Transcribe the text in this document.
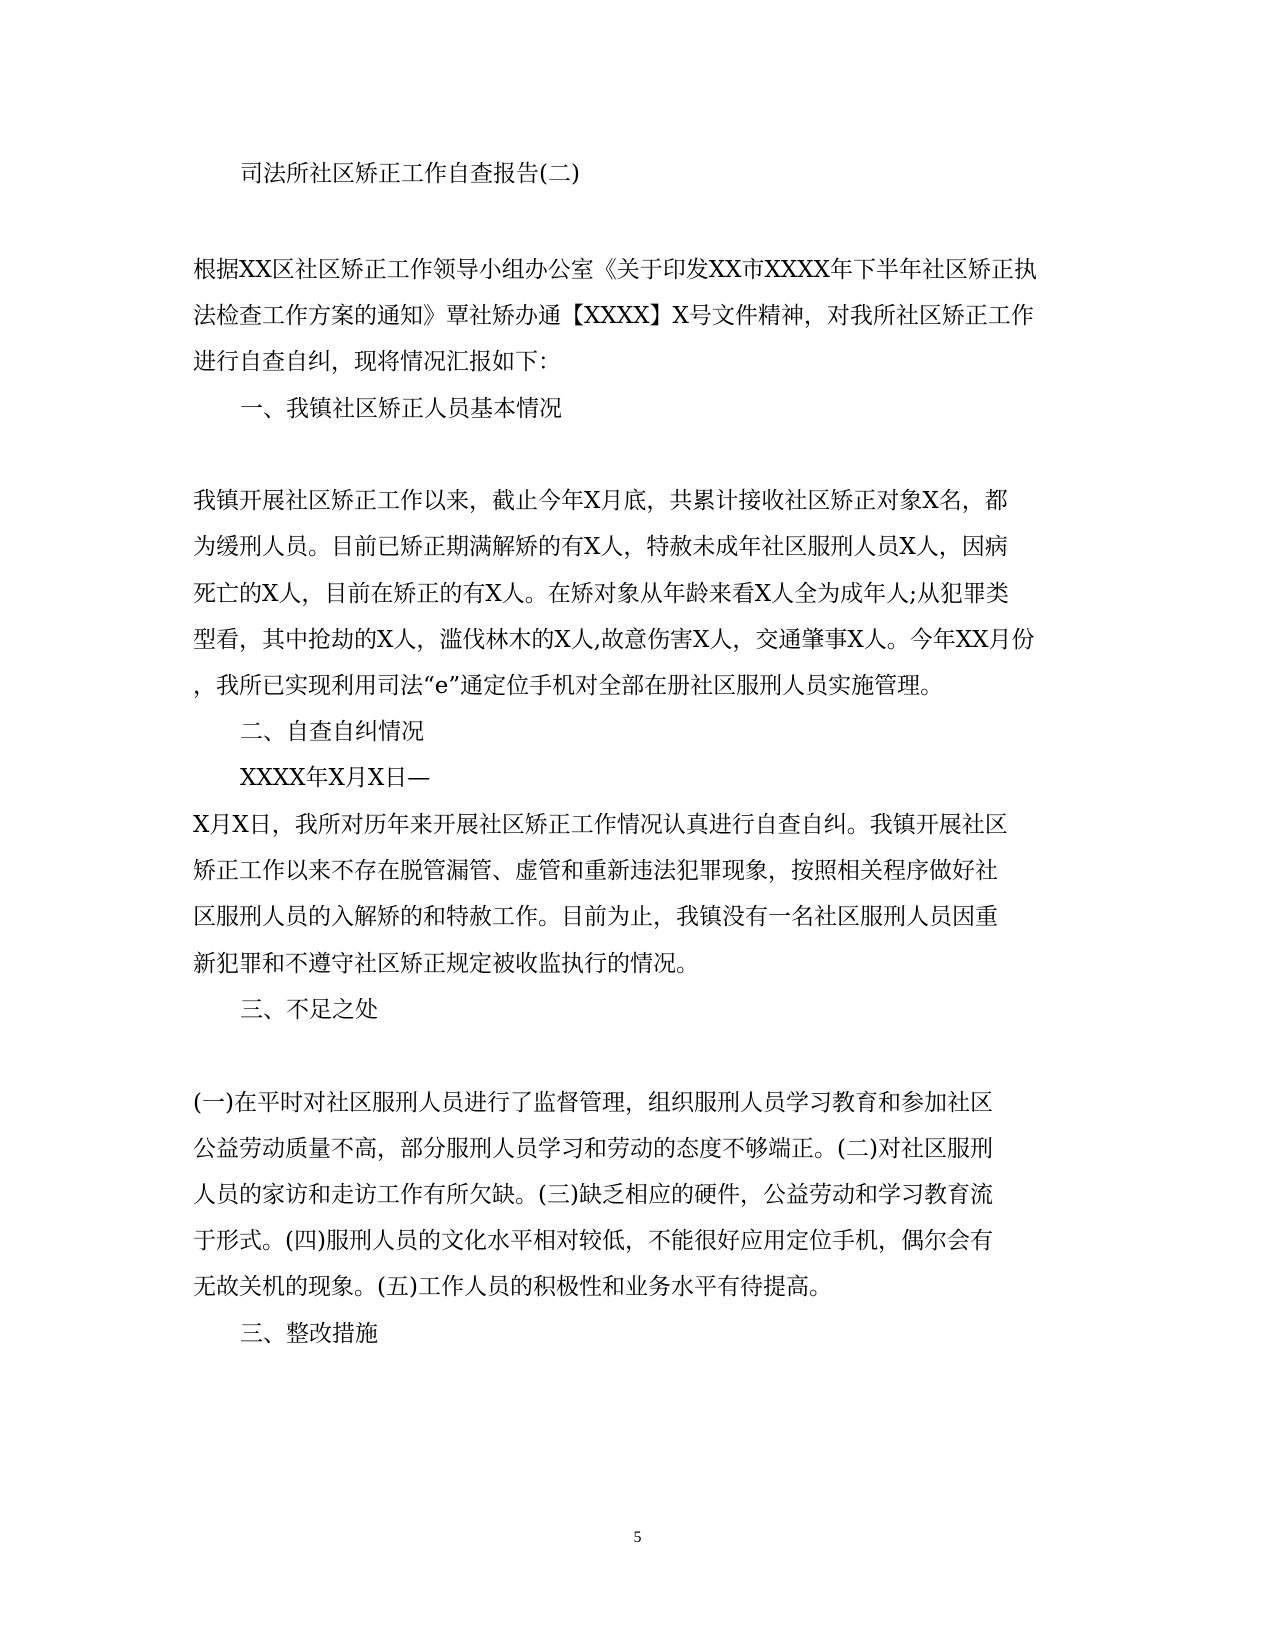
司法所社区矫正工作自查报告(二)
根据XX区社区矫正工作领导小组办公室《关于印发XX市XXXX年下半年社区矫正执
法检查工作方案的通知》覃社矫办通【XXXX】X号文件精神，对我所社区矫正工作
进行自查自纠，现将情况汇报如下：
一、我镇社区矫正人员基本情况
我镇开展社区矫正工作以来，截止今年X月底，共累计接收社区矫正对象X名，都
为缓刑人员。目前已矫正期满解矫的有X人，特赦未成年社区服刑人员X人，因病
死亡的X人，目前在矫正的有X人。在矫对象从年龄来看X人全为成年人;从犯罪类
型看，其中抢劫的X人，滥伐林木的X人,故意伤害X人，交通肇事X人。今年XX月份
，我所已实现利用司法“e”通定位手机对全部在册社区服刑人员实施管理。
二、自查自纠情况
XXXX年X月X日—
X月X日，我所对历年来开展社区矫正工作情况认真进行自查自纠。我镇开展社区
矫正工作以来不存在脱管漏管、虚管和重新违法犯罪现象，按照相关程序做好社
区服刑人员的入解矫的和特赦工作。目前为止，我镇没有一名社区服刑人员因重
新犯罪和不遵守社区矫正规定被收监执行的情况。
三、不足之处
(一)在平时对社区服刑人员进行了监督管理，组织服刑人员学习教育和参加社区
公益劳动质量不高，部分服刑人员学习和劳动的态度不够端正。(二)对社区服刑
人员的家访和走访工作有所欠缺。(三)缺乏相应的硬件，公益劳动和学习教育流
于形式。(四)服刑人员的文化水平相对较低，不能很好应用定位手机，偶尔会有
无故关机的现象。(五)工作人员的积极性和业务水平有待提高。
三、整改措施
5
